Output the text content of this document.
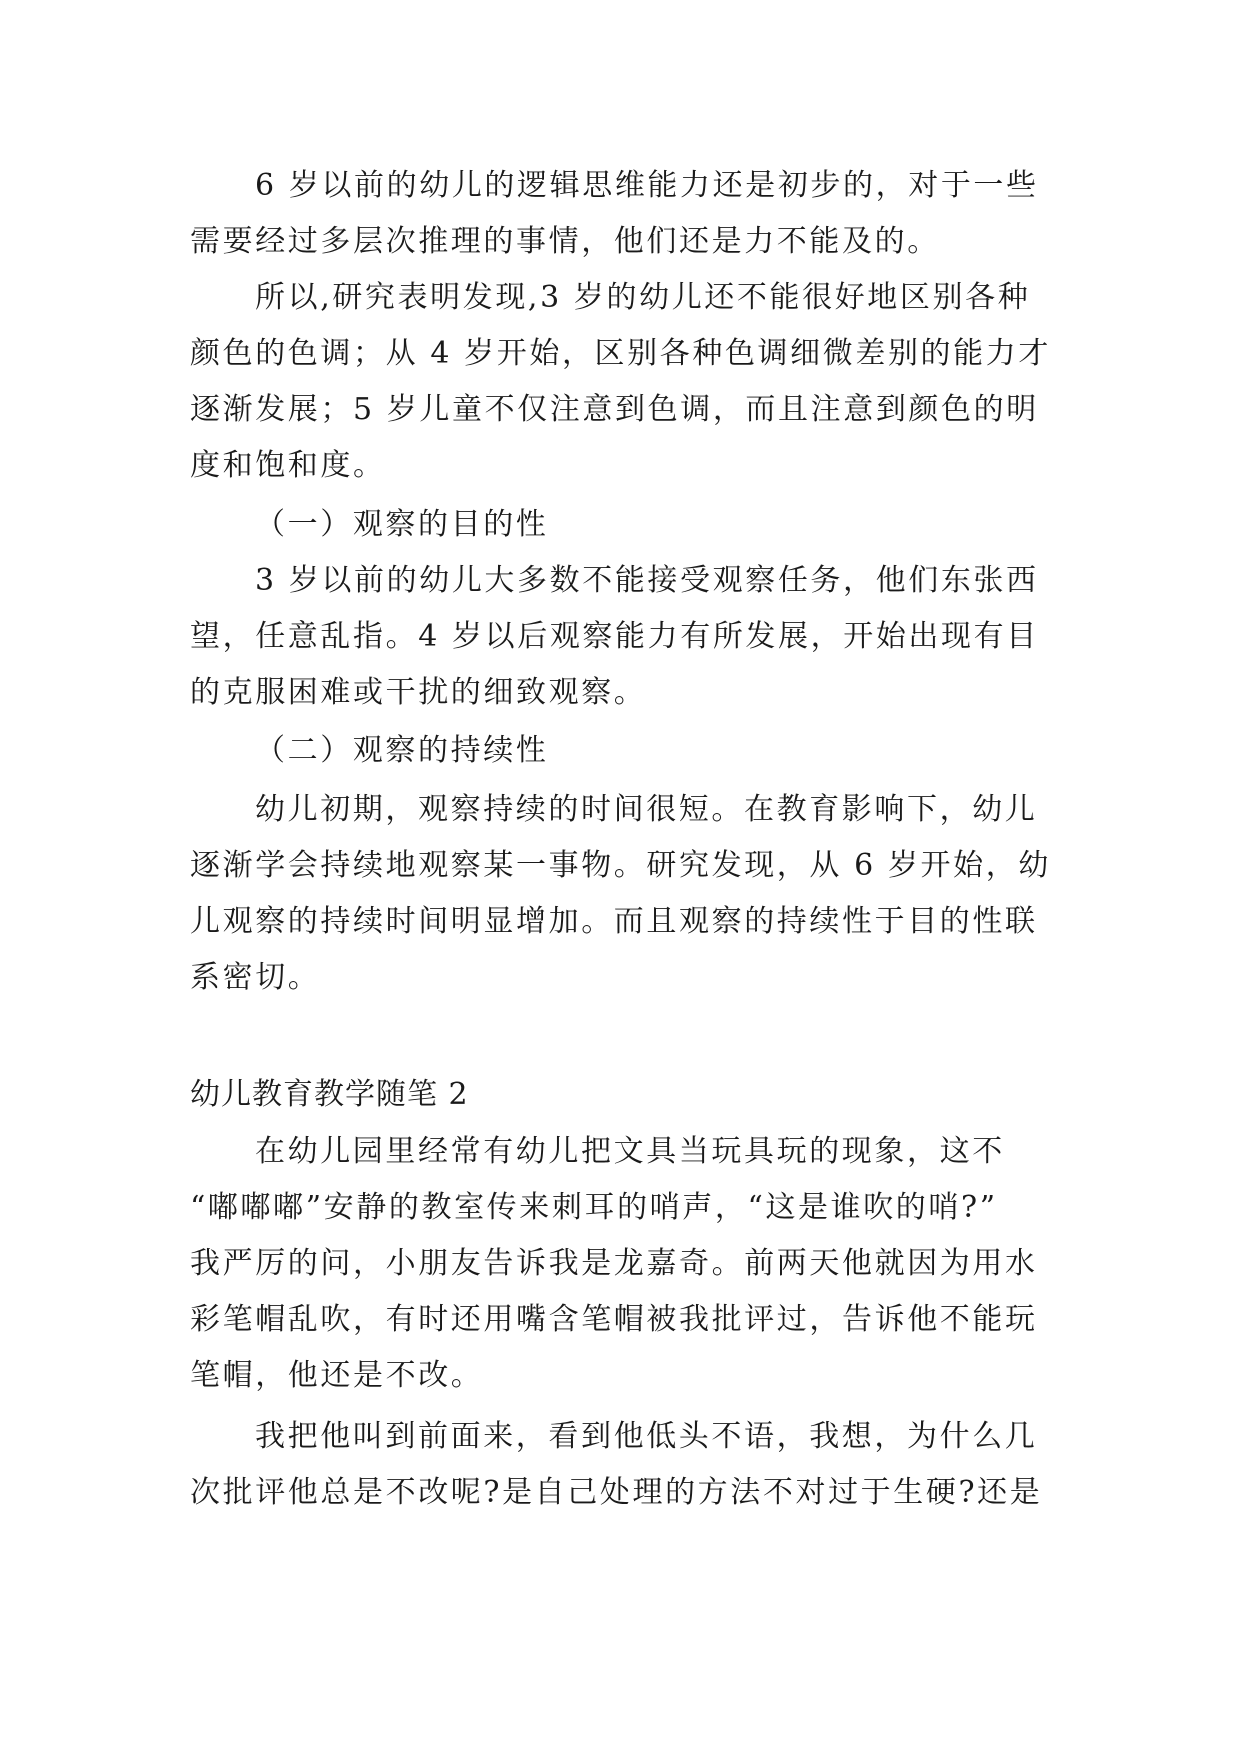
6 岁以前的幼儿的逻辑思维能力还是初步的，对于一些
需要经过多层次推理的事情，他们还是力不能及的。
所以,研究表明发现,3 岁的幼儿还不能很好地区别各种
颜色的色调；从 4 岁开始，区别各种色调细微差别的能力才
逐渐发展；5 岁儿童不仅注意到色调，而且注意到颜色的明
度和饱和度。
（一）观察的目的性
3 岁以前的幼儿大多数不能接受观察任务，他们东张西
望，任意乱指。4 岁以后观察能力有所发展，开始出现有目
的克服困难或干扰的细致观察。
（二）观察的持续性
幼儿初期，观察持续的时间很短。在教育影响下，幼儿
逐渐学会持续地观察某一事物。研究发现，从 6 岁开始，幼
儿观察的持续时间明显增加。而且观察的持续性于目的性联
系密切。
幼儿教育教学随笔 2
在幼儿园里经常有幼儿把文具当玩具玩的现象，这不
“嘟嘟嘟”安静的教室传来刺耳的哨声，“这是谁吹的哨?”
我严厉的问，小朋友告诉我是龙嘉奇。前两天他就因为用水
彩笔帽乱吹，有时还用嘴含笔帽被我批评过，告诉他不能玩
笔帽，他还是不改。
我把他叫到前面来，看到他低头不语，我想，为什么几
次批评他总是不改呢?是自己处理的方法不对过于生硬?还是
